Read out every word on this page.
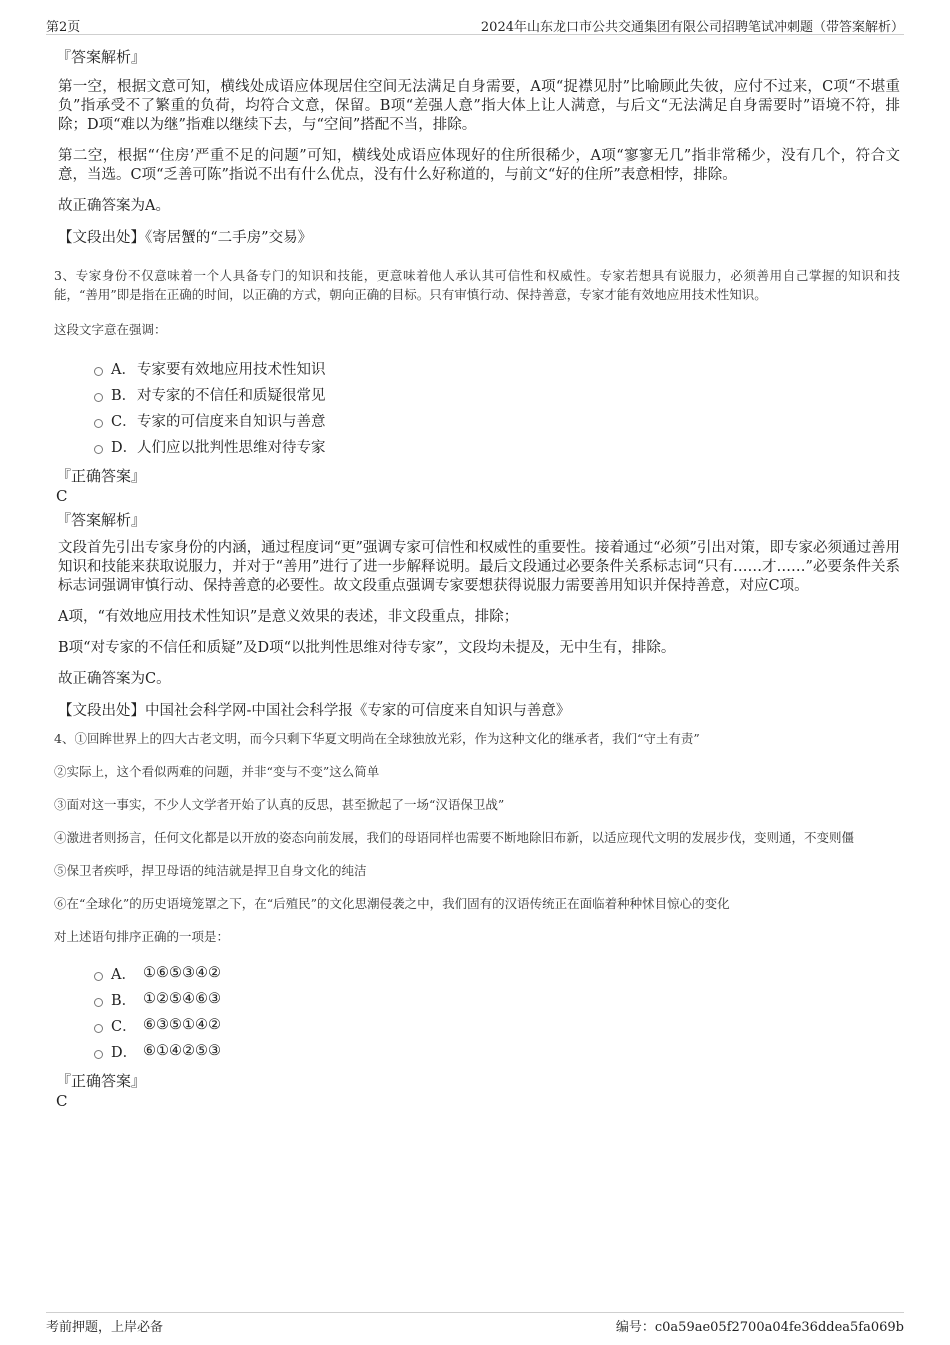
第2页	2024年山东龙口市公共交通集团有限公司招聘笔试冲刺题（带答案解析）
『答案解析』

第一空，根据文意可知，横线处成语应体现居住空间无法满足自身需要，A项“捉襟见肘”比喻顾此失彼，应付不过来，C项“不堪重负”指承受不了繁重的负荷，均符合文意，保留。B项“差强人意”指大体上让人满意，与后文“无法满足自身需要时”语境不符，排除；D项“难以为继”指难以继续下去，与“空间”搭配不当，排除。

第二空，根据“‘住房’严重不足的问题”可知，横线处成语应体现好的住所很稀少，A项“寥寥无几”指非常稀少，没有几个，符合文意，当选。C项“乏善可陈”指说不出有什么优点，没有什么好称道的，与前文“好的住所”表意相悖，排除。

故正确答案为A。

【文段出处】《寄居蟹的“二手房”交易》

3、专家身份不仅意味着一个人具备专门的知识和技能，更意味着他人承认其可信性和权威性。专家若想具有说服力，必须善用自己掌握的知识和技能，“善用”即是指在正确的时间，以正确的方式，朝向正确的目标。只有审慎行动、保持善意，专家才能有效地应用技术性知识。

这段文字意在强调：

A． 专家要有效地应用技术性知识
B． 对专家的不信任和质疑很常见
C． 专家的可信度来自知识与善意
D． 人们应以批判性思维对待专家
『正确答案』
C
『答案解析』

文段首先引出专家身份的内涵，通过程度词“更”强调专家可信性和权威性的重要性。接着通过“必须”引出对策，即专家必须通过善用知识和技能来获取说服力，并对于“善用”进行了进一步解释说明。最后文段通过必要条件关系标志词“只有……才……”必要条件关系标志词强调审慎行动、保持善意的必要性。故文段重点强调专家要想获得说服力需要善用知识并保持善意，对应C项。

A项，“有效地应用技术性知识”是意义效果的表述，非文段重点，排除；

B项“对专家的不信任和质疑”及D项“以批判性思维对待专家”，文段均未提及，无中生有，排除。

故正确答案为C。

【文段出处】中国社会科学网-中国社会科学报《专家的可信度来自知识与善意》

4、①回眸世界上的四大古老文明，而今只剩下华夏文明尚在全球独放光彩，作为这种文化的继承者，我们“守土有责”

②实际上，这个看似两难的问题，并非“变与不变”这么简单

③面对这一事实，不少人文学者开始了认真的反思，甚至掀起了一场“汉语保卫战”

④激进者则扬言，任何文化都是以开放的姿态向前发展，我们的母语同样也需要不断地除旧布新，以适应现代文明的发展步伐，变则通，不变则僵

⑤保卫者疾呼，捍卫母语的纯洁就是捍卫自身文化的纯洁

⑥在“全球化”的历史语境笼罩之下，在“后殖民”的文化思潮侵袭之中，我们固有的汉语传统正在面临着种种怵目惊心的变化

对上述语句排序正确的一项是：

A． ①⑥⑤③④②
B． ①②⑤④⑥③
C． ⑥③⑤①④②
D． ⑥①④②⑤③
『正确答案』
C
考前押题，上岸必备	编号：c0a59ae05f2700a04fe36ddea5fa069b
